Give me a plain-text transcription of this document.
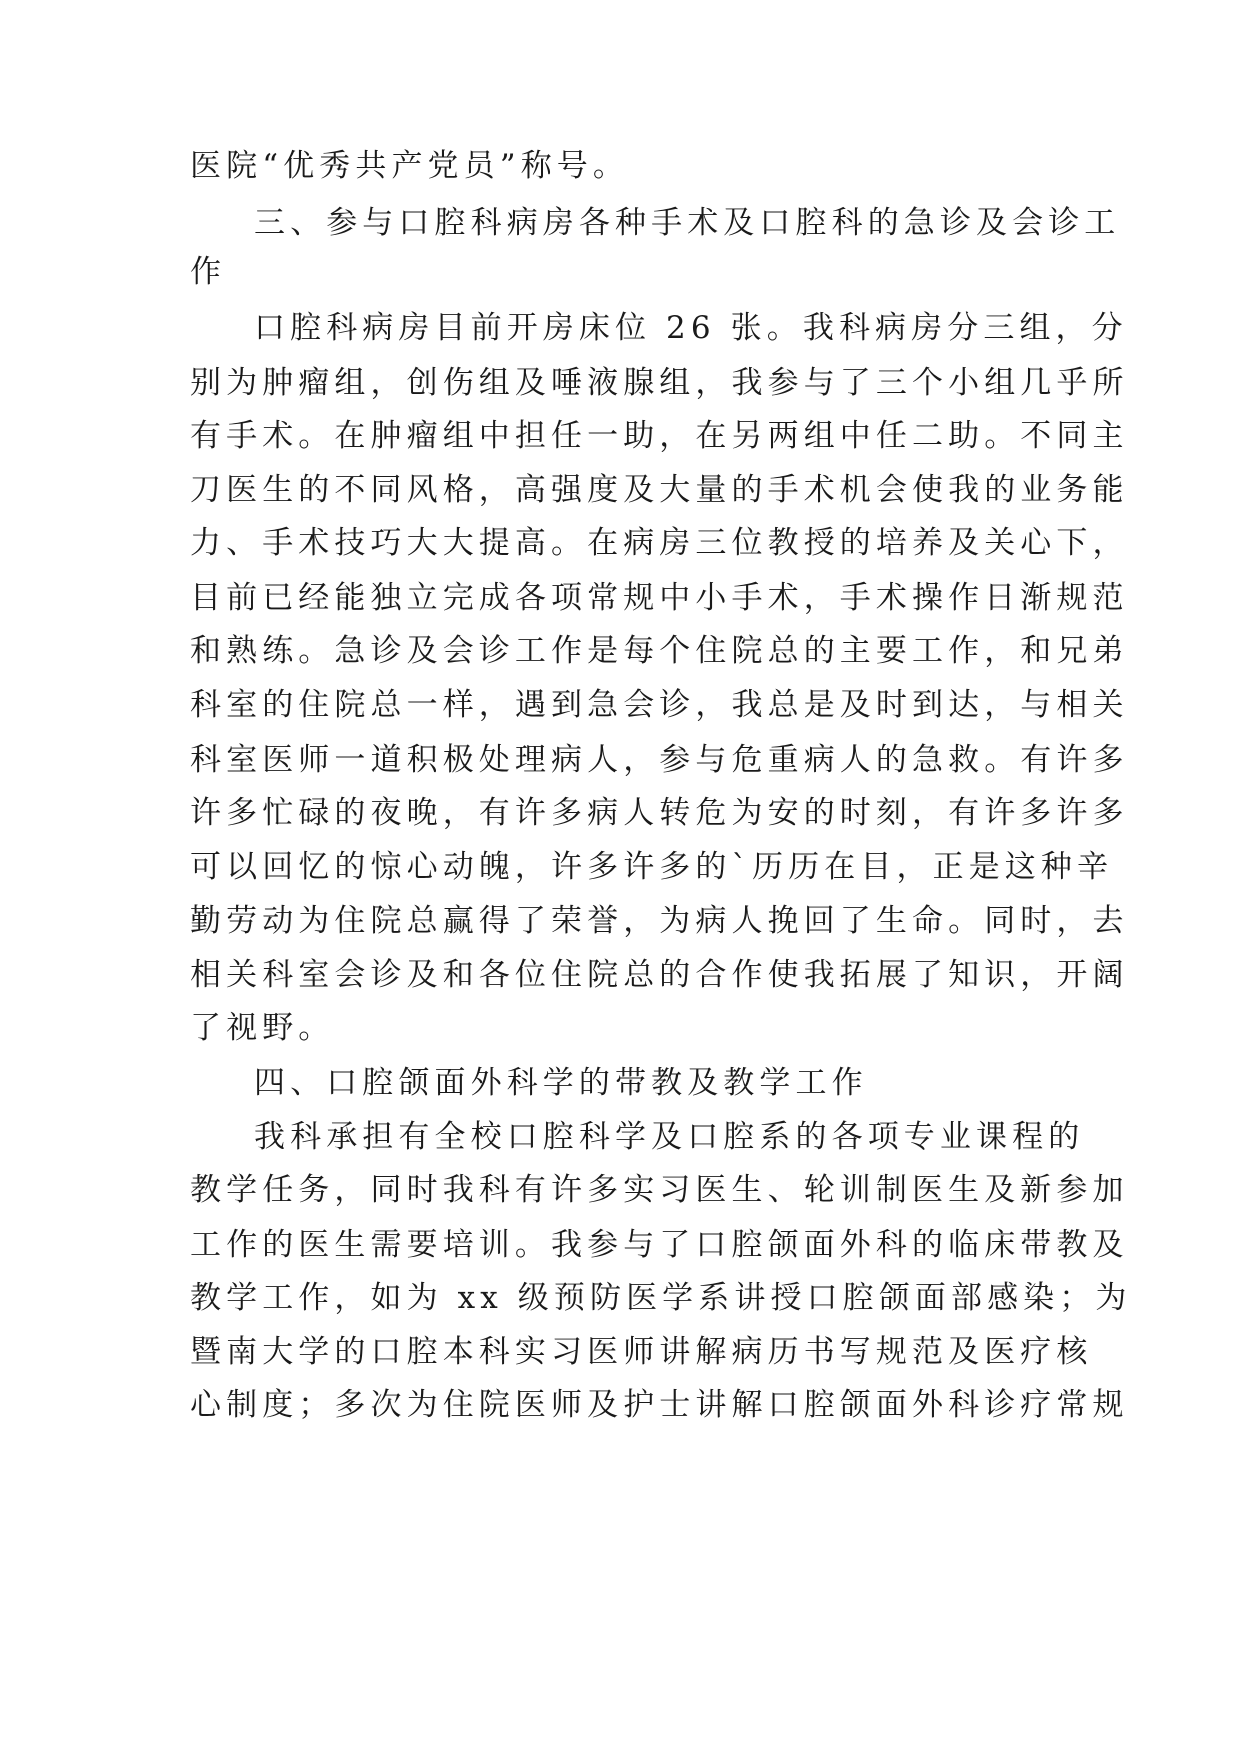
医院“优秀共产党员”称号。
三、参与口腔科病房各种手术及口腔科的急诊及会诊工
作
口腔科病房目前开房床位 26 张。我科病房分三组，分
别为肿瘤组，创伤组及唾液腺组，我参与了三个小组几乎所
有手术。在肿瘤组中担任一助，在另两组中任二助。不同主
刀医生的不同风格，高强度及大量的手术机会使我的业务能
力、手术技巧大大提高。在病房三位教授的培养及关心下，
目前已经能独立完成各项常规中小手术，手术操作日渐规范
和熟练。急诊及会诊工作是每个住院总的主要工作，和兄弟
科室的住院总一样，遇到急会诊，我总是及时到达，与相关
科室医师一道积极处理病人，参与危重病人的急救。有许多
许多忙碌的夜晚，有许多病人转危为安的时刻，有许多许多
可以回忆的惊心动魄，许多许多的`历历在目，正是这种辛
勤劳动为住院总赢得了荣誉，为病人挽回了生命。同时，去
相关科室会诊及和各位住院总的合作使我拓展了知识，开阔
了视野。
四、口腔颌面外科学的带教及教学工作
我科承担有全校口腔科学及口腔系的各项专业课程的
教学任务，同时我科有许多实习医生、轮训制医生及新参加
工作的医生需要培训。我参与了口腔颌面外科的临床带教及
教学工作，如为 xx 级预防医学系讲授口腔颌面部感染；为
暨南大学的口腔本科实习医师讲解病历书写规范及医疗核
心制度；多次为住院医师及护士讲解口腔颌面外科诊疗常规
